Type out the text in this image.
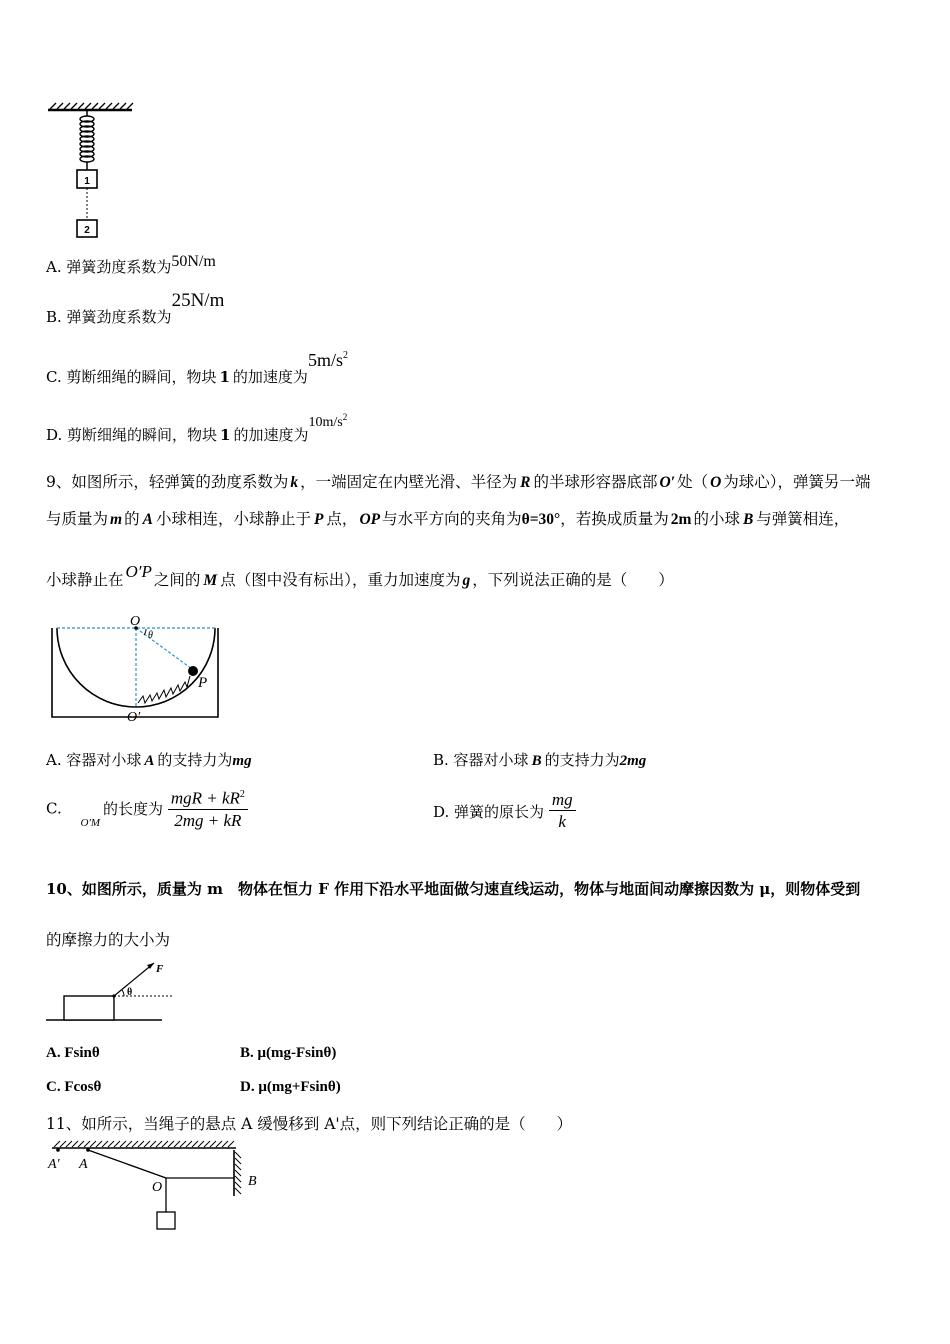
1
2
A. 弹簧劲度系数为50N/m
B. 弹簧劲度系数为25N/m
C. 剪断细绳的瞬间，物块 1 的加速度为$5m/s^2$
D. 剪断细绳的瞬间，物块 1 的加速度为$10m/s^2$
9、如图所示，轻弹簧的劲度系数为 k ，一端固定在内壁光滑、半径为 R 的半球形容器底部 O′ 处（ O 为球心），弹簧另一端
与质量为 m 的 A 小球相连，小球静止于 P 点， OP 与水平方向的夹角为θ=30°，若换成质量为 2m 的小球 B 与弹簧相连，
小球静止在 O′P 之间的 M 点（图中没有标出），重力加速度为 g ，下列说法正确的是（　　）
O
θ
P
O′
A. 容器对小球 A 的支持力为mg	B. 容器对小球 B 的支持力为2mg
C. $_{O'M}$的长度为 $\frac{mgR + kR^2}{2mg + kR}$	D. 弹簧的原长为 $\frac{mg}{k}$
10、如图所示，质量为 m　物体在恒力 F 作用下沿水平地面做匀速直线运动，物体与地面间动摩擦因数为 μ，则物体受到
的摩擦力的大小为
F
θ
A. Fsinθ	B. μ(mg-Fsinθ)
C. Fcosθ	D. μ(mg+Fsinθ)
11、如所示，当绳子的悬点 A 缓慢移到 A'点，则下列结论正确的是（　　）
A′ A
O	B
